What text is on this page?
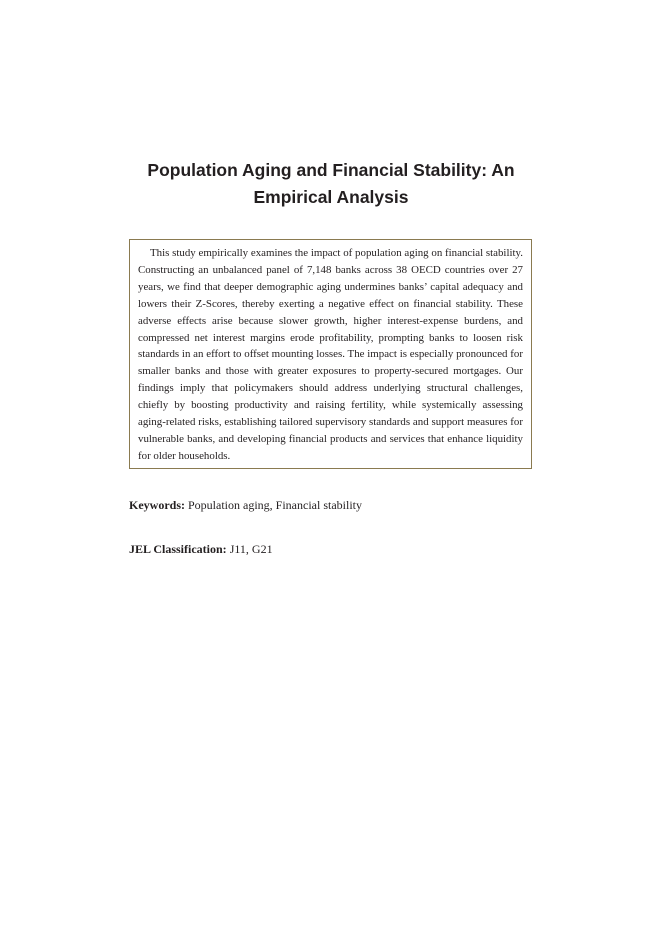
Population Aging and Financial Stability: An Empirical Analysis

This study empirically examines the impact of population aging on financial stability. Constructing an unbalanced panel of 7,148 banks across 38 OECD countries over 27 years, we find that deeper demographic aging undermines banks’ capital adequacy and lowers their Z-Scores, thereby exerting a negative effect on financial stability. These adverse effects arise because slower growth, higher interest-expense burdens, and compressed net interest margins erode profitability, prompting banks to loosen risk standards in an effort to offset mounting losses. The impact is especially pronounced for smaller banks and those with greater exposures to property-secured mortgages. Our findings imply that policymakers should address underlying structural challenges, chiefly by boosting productivity and raising fertility, while systemically assessing aging-related risks, establishing tailored supervisory standards and support measures for vulnerable banks, and developing financial products and services that enhance liquidity for older households.

Keywords: Population aging, Financial stability

JEL Classification: J11, G21
